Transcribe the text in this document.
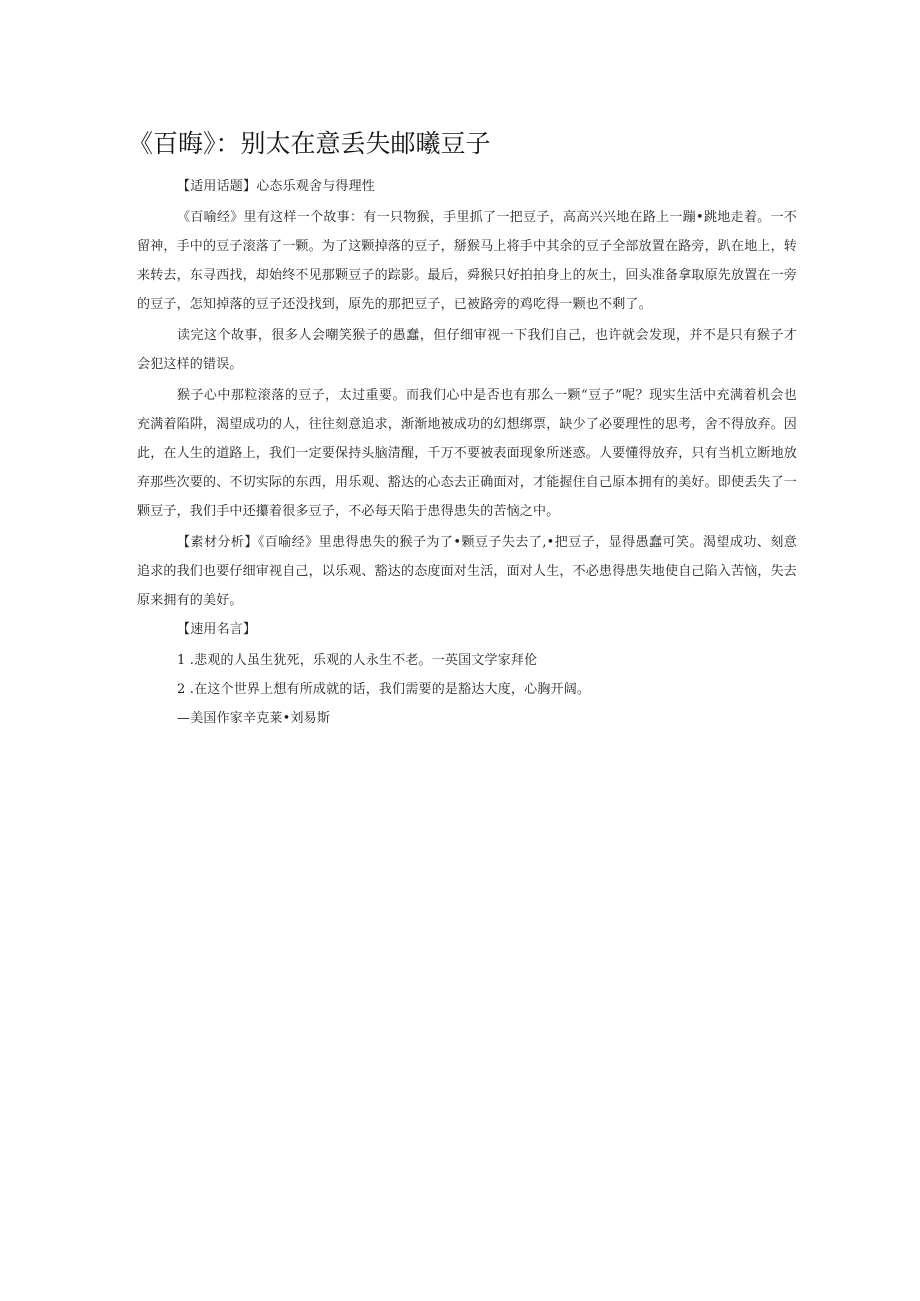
《百晦》：别太在意丢失邮曦豆子

【适用话题】心态乐观舍与得理性

《百喻经》里有这样一个故事：有一只物猴，手里抓了一把豆子，高高兴兴地在路上一蹦•跳地走着。一不留神，手中的豆子滚落了一颗。为了这颗掉落的豆子，掰猴马上将手中其余的豆子全部放置在路旁，趴在地上，转来转去，东寻西找，却始终不见那颗豆子的踪影。最后，舜猴只好拍拍身上的灰土，回头准备拿取原先放置在一旁的豆子，怎知掉落的豆子还没找到，原先的那把豆子，已被路旁的鸡吃得一颗也不剩了。

读完这个故事，很多人会嘲笑猴子的愚蠢，但仔细审视一下我们自己，也许就会发现，并不是只有猴子才会犯这样的错误。

猴子心中那粒滚落的豆子，太过重要。而我们心中是否也有那么一颗“豆子”呢？现实生活中充满着机会也充满着陷阱，渴望成功的人，往往刻意追求，渐渐地被成功的幻想绑票，缺少了必要理性的思考，舍不得放弃。因此，在人生的道路上，我们一定要保持头脑清醒，千万不要被表面现象所迷惑。人要懂得放弃，只有当机立断地放弃那些次要的、不切实际的东西，用乐观、豁达的心态去正确面对，才能握住自己原本拥有的美好。即使丢失了一颗豆子，我们手中还攥着很多豆子，不必每天陷于患得患失的苦恼之中。

【素材分析】《百喻经》里患得患失的猴子为了•颗豆子失去了,•把豆子，显得愚蠢可笑。渴望成功、刻意追求的我们也要仔细审视自己，以乐观、豁达的态度面对生活，面对人生，不必患得患失地使自己陷入苦恼，失去原来拥有的美好。

【速用名言】

1 .悲观的人虽生犹死，乐观的人永生不老。一英国文学家拜伦

2 .在这个世界上想有所成就的话，我们需要的是豁达大度，心胸开阔。

—美国作家辛克莱•刘易斯
